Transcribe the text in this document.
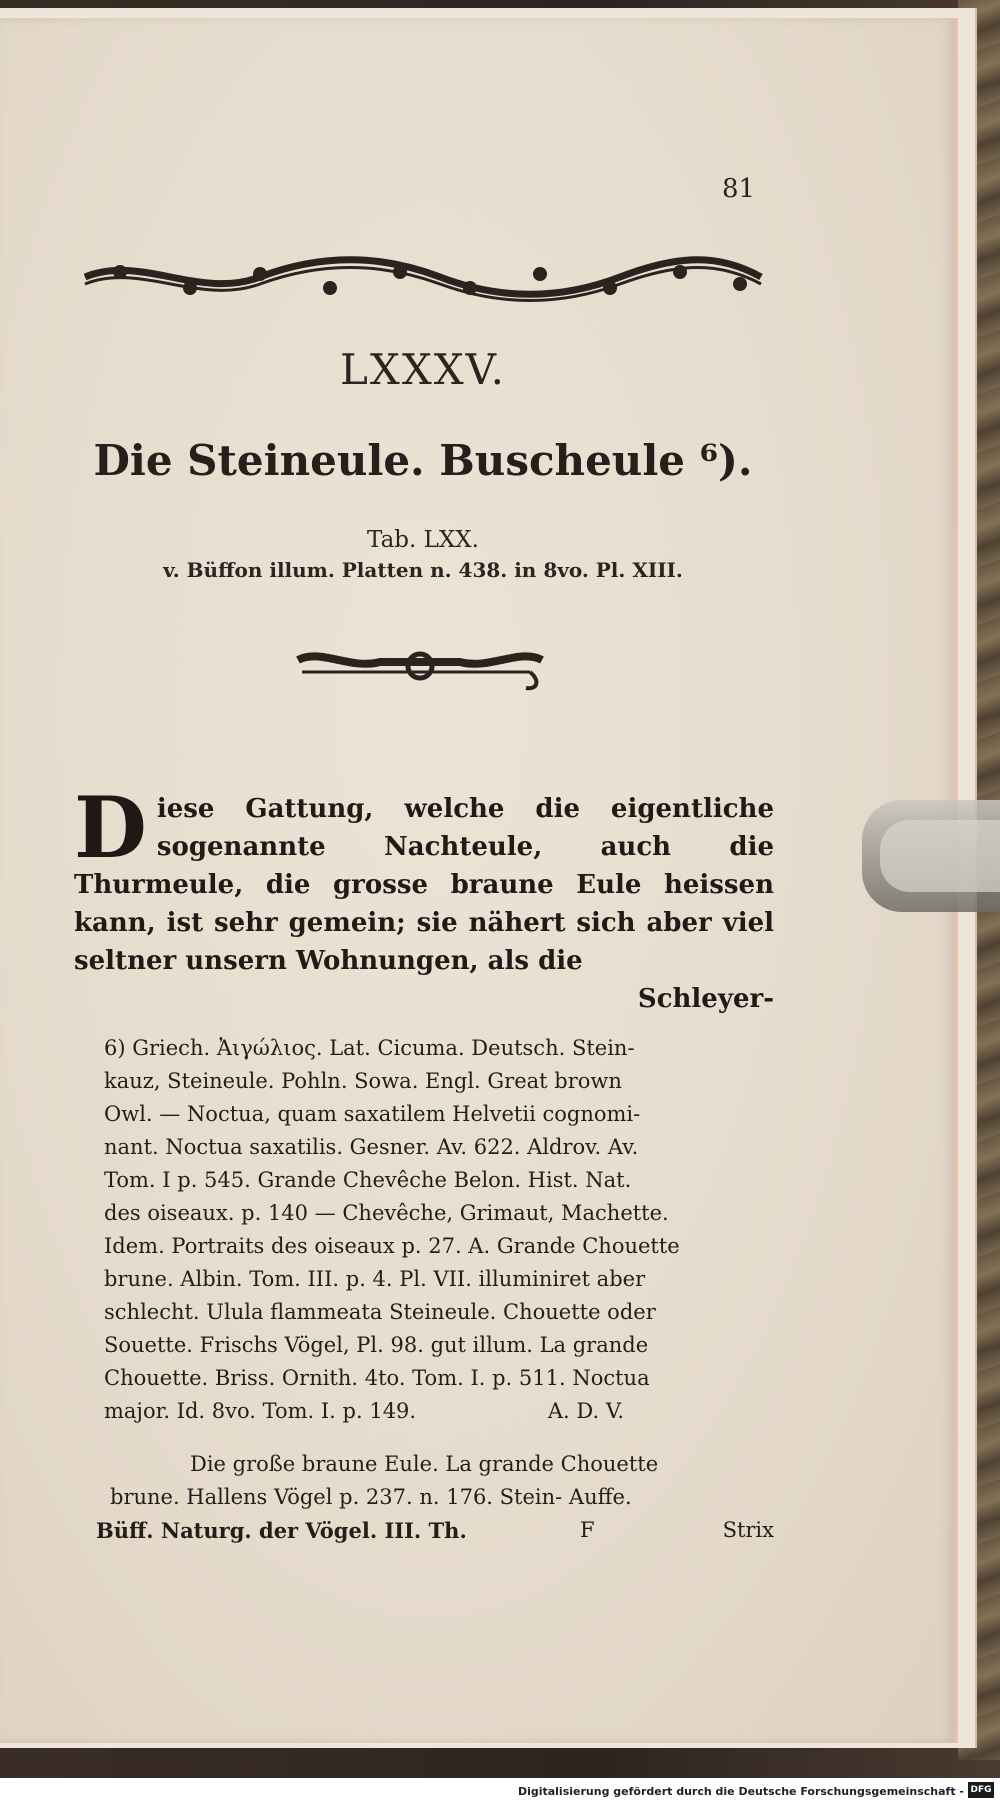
81
LXXXV.
Die Steineule. Buscheule ⁶).
Tab. LXX.
v. Büffon illum. Platten n. 438. in 8vo. Pl. XIII.
D iese Gattung, welche die eigentliche sogenannte Nachteule, auch die Thurmeule, die grosse braune Eule heissen kann, ist sehr gemein; sie nähert sich aber viel seltner unsern Wohnungen, als die
Schleyer-
6) Griech. Ἀιγώλιος. Lat. Cicuma. Deutsch. Stein-
kauz, Steineule. Pohln. Sowa. Engl. Great brown
Owl. — Noctua, quam saxatilem Helvetii cognomi-
nant. Noctua saxatilis. Gesner. Av. 622. Aldrov. Av.
Tom. I p. 545. Grande Chevêche Belon. Hist. Nat.
des oiseaux. p. 140 — Chevêche, Grimaut, Machette.
Idem. Portraits des oiseaux p. 27. A. Grande Chouette
brune. Albin. Tom. III. p. 4. Pl. VII. illuminiret aber
schlecht. Ulula flammeata Steineule. Chouette oder
Souette. Frischs Vögel, Pl. 98. gut illum. La grande
Chouette. Briss. Ornith. 4to. Tom. I. p. 511. Noctua
major. Id. 8vo. Tom. I. p. 149.	A. D. V.
Die große braune Eule. La grande Chouette
brune. Hallens Vögel p. 237. n. 176. Stein- Auffe.
Büff. Naturg. der Vögel. III. Th.	F	Strix
Digitalisierung gefördert durch die Deutsche Forschungsgemeinschaft - DFG
